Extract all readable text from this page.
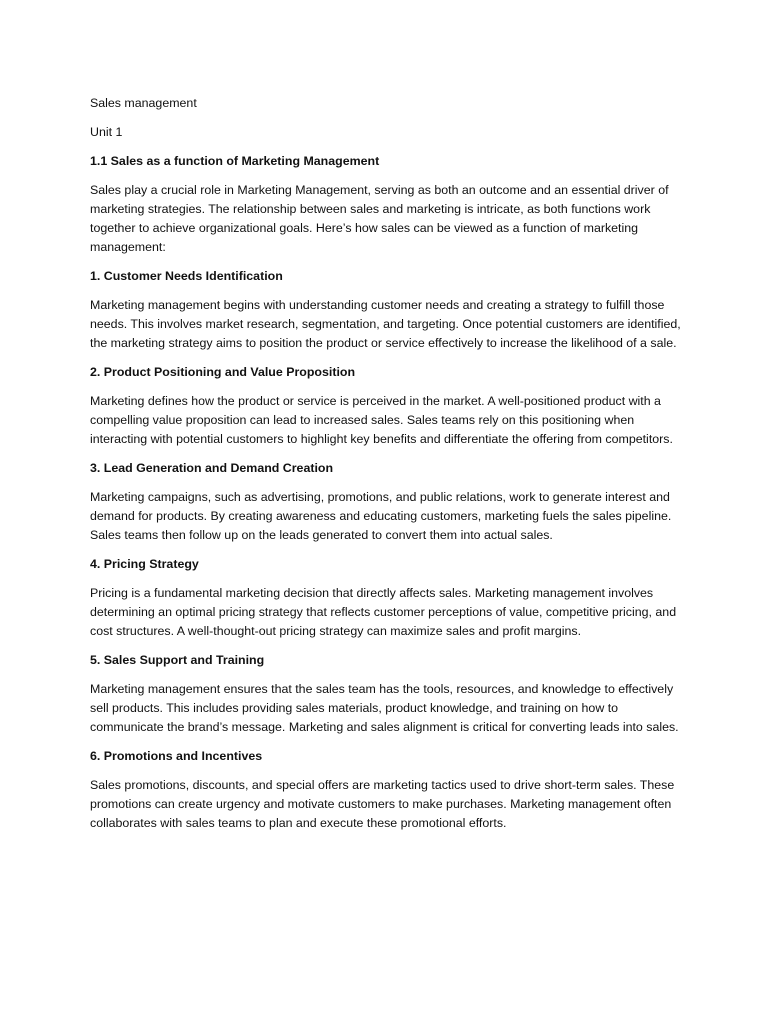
Sales management

Unit 1

1.1 Sales as a function of Marketing Management

Sales play a crucial role in Marketing Management, serving as both an outcome and an essential driver of marketing strategies. The relationship between sales and marketing is intricate, as both functions work together to achieve organizational goals. Here’s how sales can be viewed as a function of marketing management:

1. Customer Needs Identification

Marketing management begins with understanding customer needs and creating a strategy to fulfill those needs. This involves market research, segmentation, and targeting. Once potential customers are identified, the marketing strategy aims to position the product or service effectively to increase the likelihood of a sale.

2. Product Positioning and Value Proposition

Marketing defines how the product or service is perceived in the market. A well-positioned product with a compelling value proposition can lead to increased sales. Sales teams rely on this positioning when interacting with potential customers to highlight key benefits and differentiate the offering from competitors.

3. Lead Generation and Demand Creation

Marketing campaigns, such as advertising, promotions, and public relations, work to generate interest and demand for products. By creating awareness and educating customers, marketing fuels the sales pipeline. Sales teams then follow up on the leads generated to convert them into actual sales.

4. Pricing Strategy

Pricing is a fundamental marketing decision that directly affects sales. Marketing management involves determining an optimal pricing strategy that reflects customer perceptions of value, competitive pricing, and cost structures. A well-thought-out pricing strategy can maximize sales and profit margins.

5. Sales Support and Training

Marketing management ensures that the sales team has the tools, resources, and knowledge to effectively sell products. This includes providing sales materials, product knowledge, and training on how to communicate the brand’s message. Marketing and sales alignment is critical for converting leads into sales.

6. Promotions and Incentives

Sales promotions, discounts, and special offers are marketing tactics used to drive short-term sales. These promotions can create urgency and motivate customers to make purchases. Marketing management often collaborates with sales teams to plan and execute these promotional efforts.
